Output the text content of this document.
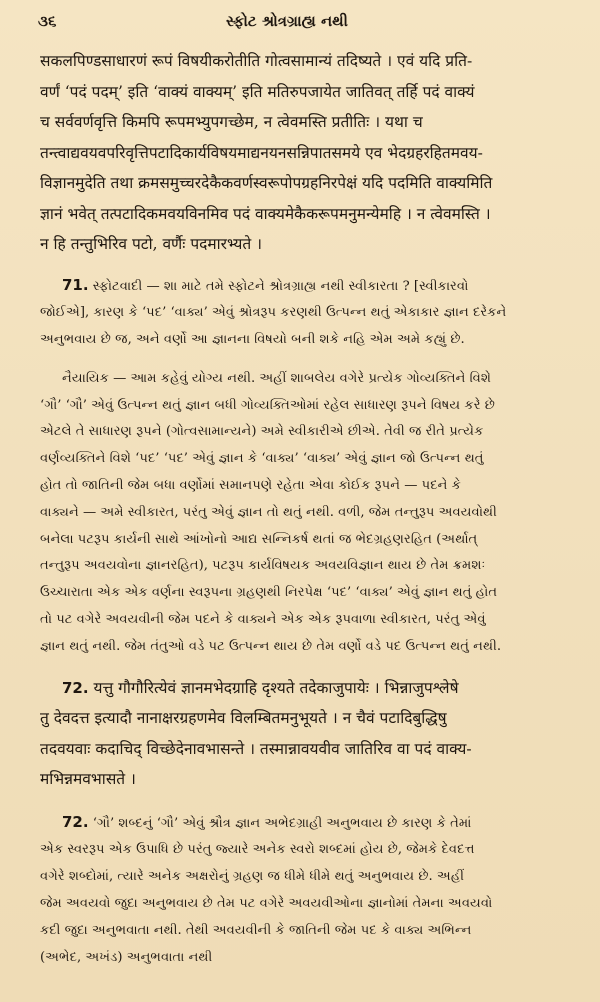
૩૬	સ્ફોટ શ્રોત્રગ્રાહ્ય નથી

सकलपिण्डसाधारणं रूपं विषयीकरोतीति गोत्वसामान्यं तदिष्यते । एवं यदि प्रति-

वर्णं ‘पदं पदम्’ इति ‘वाक्यं वाक्यम्’ इति मतिरुपजायेत जातिवत् तर्हि पदं वाक्यं

च सर्ववर्णवृत्ति किमपि रूपमभ्युपगच्छेम, न त्वेवमस्ति प्रतीतिः । यथा च

तन्त्वाद्यवयवपरिवृत्तिपटादिकार्यविषयमाद्यनयनसन्निपातसमये एव भेदग्रहरहितमवय-

विज्ञानमुदेति तथा क्रमसमुच्चरदेकैकवर्णस्वरूपोपग्रहनिरपेक्षं यदि पदमिति वाक्यमिति

ज्ञानं भवेत् तत्पटादिकमवयविनमिव पदं वाक्यमेकैकरूपमनुमन्येमहि । न त्वेवमस्ति ।

न हि तन्तुभिरिव पटो, वर्णैः पदमारभ्यते ।

71. સ્ફોટવાદી — શા માટે તમે સ્ફોટને શ્રોત્રગ્રાહ્ય નથી સ્વીકારતા ? [સ્વીકારવો

જોઈએ], કારણ કે ‘પદ’ ‘વાક્ય’ એવું શ્રોત્રરૂપ કરણથી ઉત્પન્ન થતું એકાકાર જ્ઞાન દરેકને

અનુભવાય છે જ, અને વર્ણો આ જ્ઞાનના વિષયો બની શકે નહિ એમ અમે કહ્યું છે.

નૈયાયિક — આમ કહેવું યોગ્ય નથી. અહીં શાબલેય વગેરે પ્રત્યેક ગોવ્યક્તિને વિશે

‘ગૌ’ ‘ગૌ’ એવું ઉત્પન્ન થતું જ્ઞાન બધી ગોવ્યક્તિઓમાં રહેલ સાધારણ રૂપને વિષય કરે છે

એટલે તે સાધારણ રૂપને (ગોત્વસામાન્યને) અમે સ્વીકારીએ છીએ. તેવી જ રીતે પ્રત્યેક

વર્ણવ્યક્તિને વિશે ‘પદ’ ‘પદ’ એવું જ્ઞાન કે ‘વાક્ય’ ‘વાક્ય’ એવું જ્ઞાન જો ઉત્પન્ન થતું

હોત તો જાતિની જેમ બધા વર્ણોમાં સમાનપણે રહેતા એવા કોઈક રૂપને — પદને કે

વાક્યને — અમે સ્વીકારત, પરંતુ એવું જ્ઞાન તો થતું નથી. વળી, જેમ તન્તુરૂપ અવયવોથી

બનેલા પટરૂપ કાર્યની સાથે આંખોનો આદ્ય સન્નિકર્ષ થતાં જ ભેદગ્રહણરહિત (અર્થાત્

તન્તુરૂપ અવયવોના જ્ઞાનરહિત), પટરૂપ કાર્યવિષયક અવયવિજ્ઞાન થાય છે તેમ ક્રમશઃ

ઉચ્ચારાતા એક એક વર્ણના સ્વરૂપના ગ્રહણથી નિરપેક્ષ ‘પદ’ ‘વાક્ય’ એવું જ્ઞાન થતું હોત

તો પટ વગેરે અવયવીની જેમ પદને કે વાક્યને એક એક રૂપવાળા સ્વીકારત, પરંતુ એવું

જ્ઞાન થતું નથી. જેમ તંતુઓ વડે પટ ઉત્પન્ન થાય છે તેમ વર્ણો વડે પદ ઉત્પન્ન થતું નથી.

72. यत्तु गौगौरित्येवं ज्ञानमभेदग्राहि दृश्यते तदेकाजुपायेः । भिन्नाजुपश्लेषे

तु देवदत्त इत्यादौ नानाक्षरग्रहणमेव विलम्बितमनुभूयते । न चैवं पटादिबुद्धिषु

तदवयवाः कदाचिद् विच्छेदेनावभासन्ते । तस्मान्नावयवीव जातिरिव वा पदं वाक्य-

मभिन्नमवभासते ।

72. ‘ગૌ’ શબ્દનું ‘ગૌ’ એવું શ્રૌત્ર જ્ઞાન અભેદગ્રાહી અનુભવાય છે કારણ કે તેમાં

એક સ્વરરૂપ એક ઉપાધિ છે પરંતુ જ્યારે અનેક સ્વરો શબ્દમાં હોય છે, જેમકે દેવદત્ત

વગેરે શબ્દોમાં, ત્યારે અનેક અક્ષરોનું ગ્રહણ જ ધીમે ધીમે થતું અનુભવાય છે. અહીં

જેમ અવયવો જુદા અનુભવાય છે તેમ પટ વગેરે અવયવીઓના જ્ઞાનોમાં તેમના અવયવો

કદી જુદા અનુભવાતા નથી. તેથી અવયવીની કે જાતિની જેમ પદ કે વાક્ય અભિન્ન

(અભેદ, અખંડ) અનુભવાતા નથી
